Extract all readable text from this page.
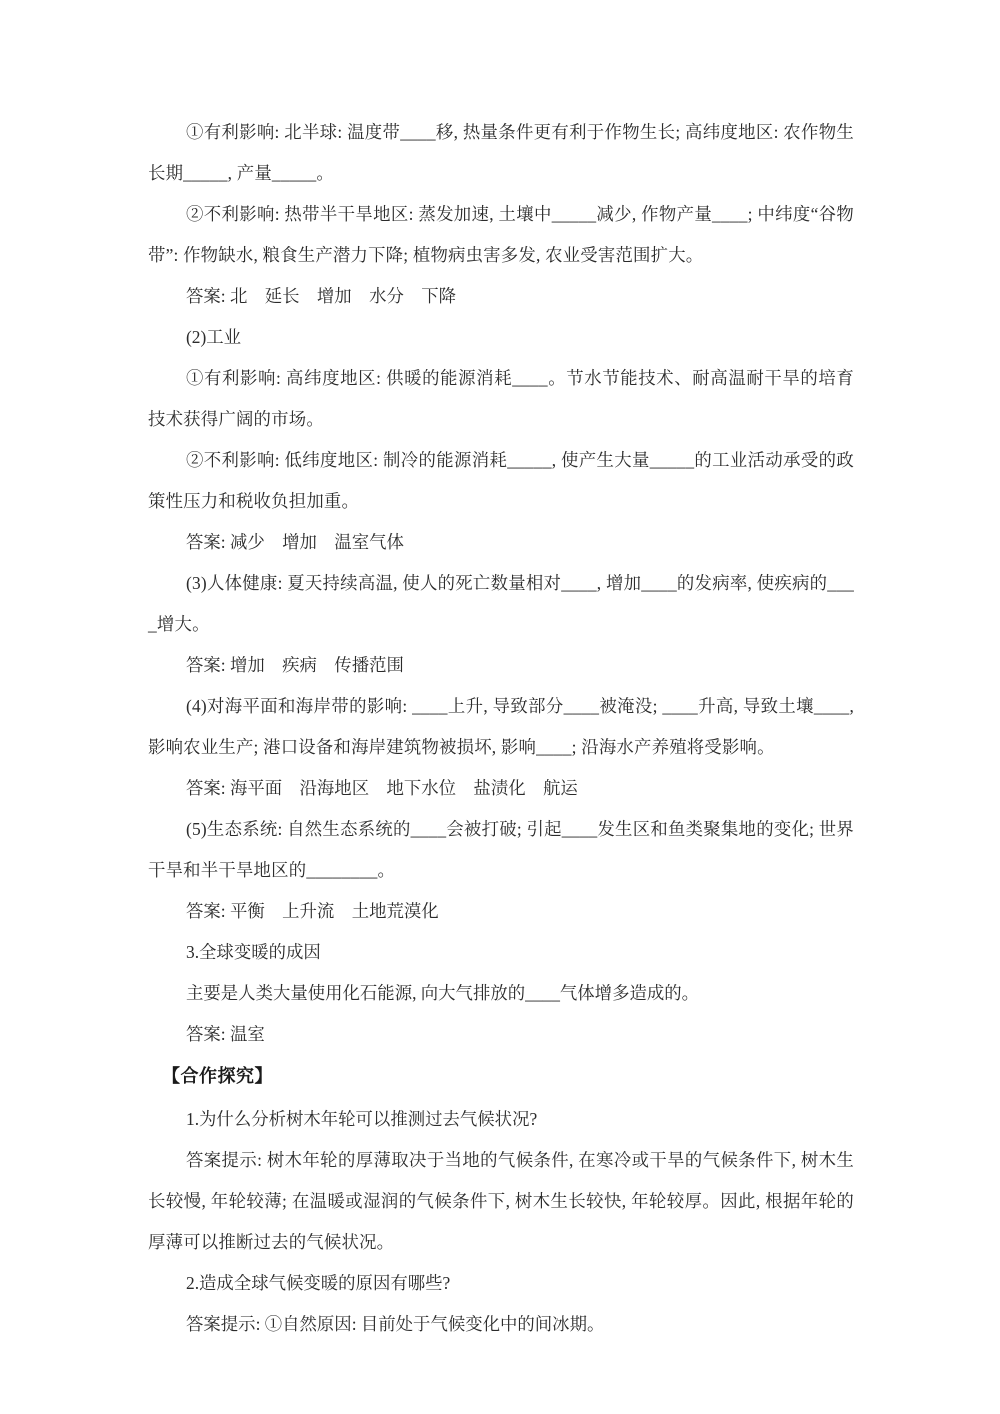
①有利影响: 北半球: 温度带____移, 热量条件更有利于作物生长; 高纬度地区: 农作物生长期_____, 产量_____。

②不利影响: 热带半干旱地区: 蒸发加速, 土壤中_____减少, 作物产量____; 中纬度“谷物带”: 作物缺水, 粮食生产潜力下降; 植物病虫害多发, 农业受害范围扩大。

答案: 北　延长　增加　水分　下降

(2)工业

①有利影响: 高纬度地区: 供暖的能源消耗____。节水节能技术、耐高温耐干旱的培育技术获得广阔的市场。

②不利影响: 低纬度地区: 制冷的能源消耗_____, 使产生大量_____的工业活动承受的政策性压力和税收负担加重。

答案: 减少　增加　温室气体

(3)人体健康: 夏天持续高温, 使人的死亡数量相对____, 增加____的发病率, 使疾病的____增大。

答案: 增加　疾病　传播范围

(4)对海平面和海岸带的影响: ____上升, 导致部分____被淹没; ____升高, 导致土壤____, 影响农业生产; 港口设备和海岸建筑物被损坏, 影响____; 沿海水产养殖将受影响。

答案: 海平面　沿海地区　地下水位　盐渍化　航运

(5)生态系统: 自然生态系统的____会被打破; 引起____发生区和鱼类聚集地的变化; 世界干旱和半干旱地区的________。

答案: 平衡　上升流　土地荒漠化

3.全球变暖的成因

主要是人类大量使用化石能源, 向大气排放的____气体增多造成的。

答案: 温室

【合作探究】

1.为什么分析树木年轮可以推测过去气候状况?

答案提示: 树木年轮的厚薄取决于当地的气候条件, 在寒冷或干旱的气候条件下, 树木生长较慢, 年轮较薄; 在温暖或湿润的气候条件下, 树木生长较快, 年轮较厚。因此, 根据年轮的厚薄可以推断过去的气候状况。

2.造成全球气候变暖的原因有哪些?

答案提示: ①自然原因: 目前处于气候变化中的间冰期。
